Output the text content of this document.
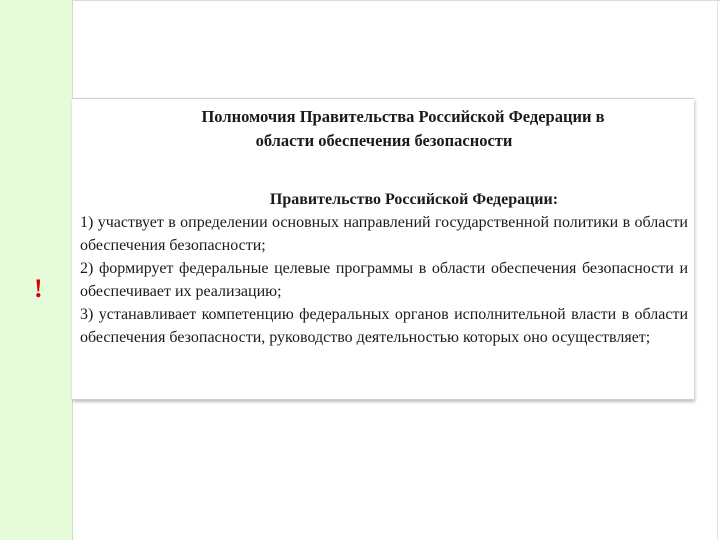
!
Полномочия Правительства Российской Федерации в
области обеспечения безопасности
Правительство Российской Федерации:
1) участвует в определении основных направлений государственной политики в области обеспечения безопасности;
2) формирует федеральные целевые программы в области обеспечения безопасности и обеспечивает их реализацию;
3) устанавливает компетенцию федеральных органов исполнительной власти в области обеспечения безопасности, руководство деятельностью которых оно осуществляет;
